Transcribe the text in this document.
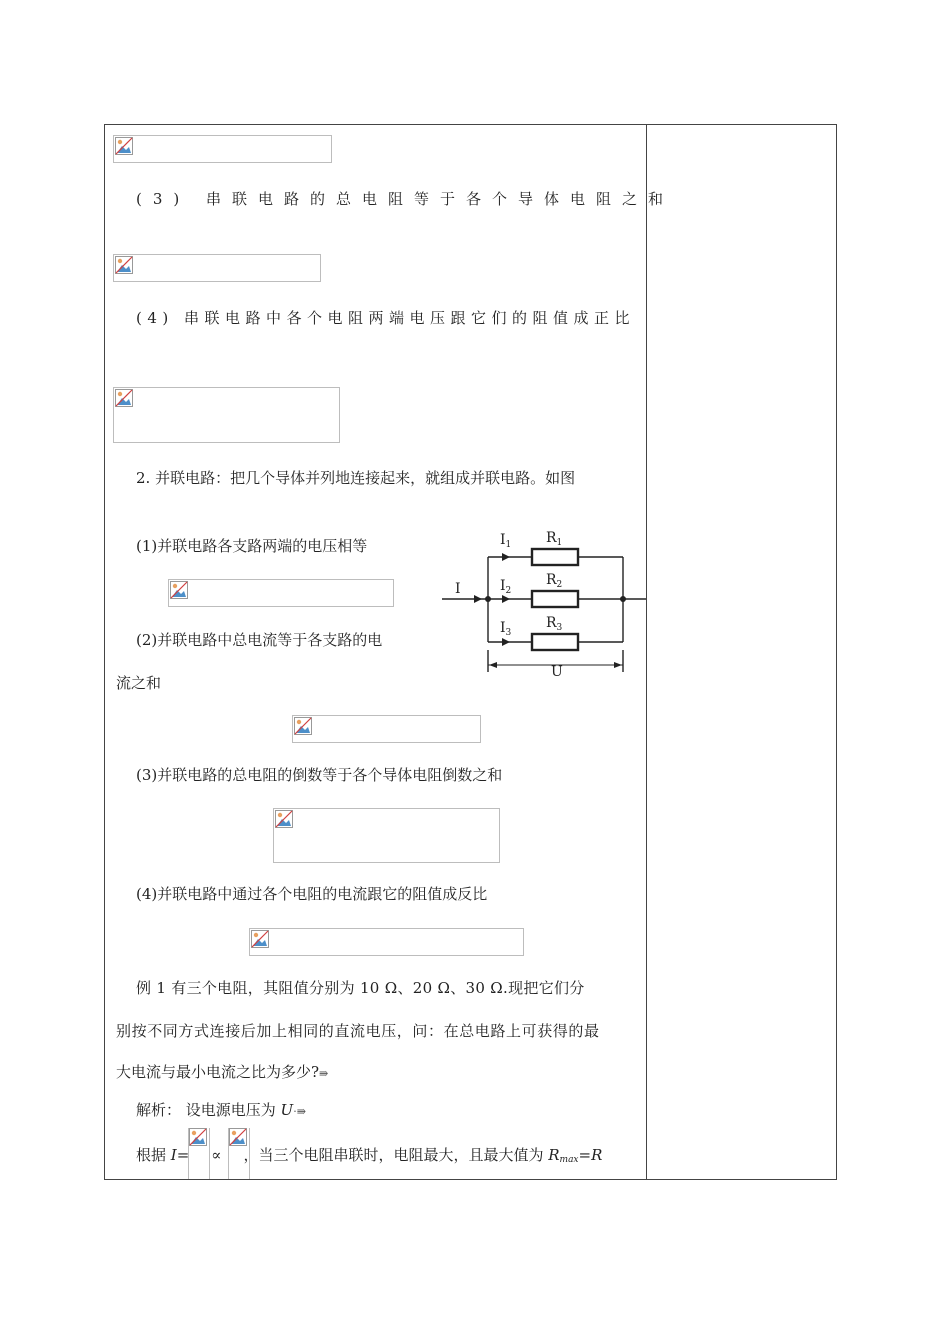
(3) 串联电路的总电阻等于各个导体电阻之和
(4) 串联电路中各个电阻两端电压跟它们的阻值成正比
2. 并联电路：把几个导体并列地连接起来，就组成并联电路。如图
(1)并联电路各支路两端的电压相等
(2)并联电路中总电流等于各支路的电
流之和
I
$I_1$
$I_2$
$I_3$
$R_1$
$R_2$
$R_3$
U
(3)并联电路的总电阻的倒数等于各个导体电阻倒数之和
(4)并联电路中通过各个电阻的电流跟它的阻值成反比
例 1 有三个电阻，其阻值分别为 10 Ω、20 Ω、30 Ω.现把它们分
别按不同方式连接后加上相同的直流电压，问：在总电路上可获得的最
大电流与最小电流之比为多少?⇛
解析： 设电源电压为 U·⇛
根据 I= ∝ ，当三个电阻串联时，电阻最大，且最大值为 $R_{max}=R$
